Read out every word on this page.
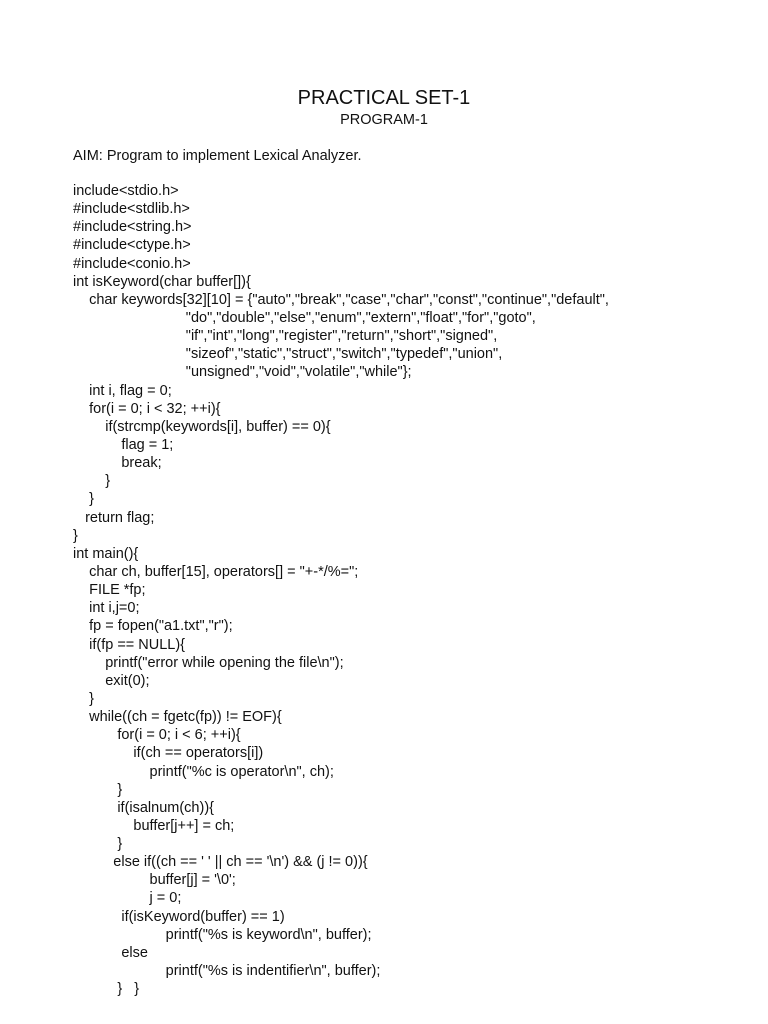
PRACTICAL SET-1
PROGRAM-1
AIM: Program to implement Lexical Analyzer.
include<stdio.h>
#include<stdlib.h>
#include<string.h>
#include<ctype.h>
#include<conio.h>
int isKeyword(char buffer[]){
char keywords[32][10] = {"auto","break","case","char","const","continue","default",
"do","double","else","enum","extern","float","for","goto",
"if","int","long","register","return","short","signed",
"sizeof","static","struct","switch","typedef","union",
"unsigned","void","volatile","while"};
int i, flag = 0;
for(i = 0; i < 32; ++i){
if(strcmp(keywords[i], buffer) == 0){
flag = 1;
break;
}
}
return flag;
}
int main(){
char ch, buffer[15], operators[] = "+-*/%=";
FILE *fp;
int i,j=0;
fp = fopen("a1.txt","r");
if(fp == NULL){
printf("error while opening the file\n");
exit(0);
}
while((ch = fgetc(fp)) != EOF){
for(i = 0; i < 6; ++i){
if(ch == operators[i])
printf("%c is operator\n", ch);
}
if(isalnum(ch)){
buffer[j++] = ch;
}
else if((ch == ' ' || ch == '\n') && (j != 0)){
buffer[j] = '\0';
j = 0;
if(isKeyword(buffer) == 1)
printf("%s is keyword\n", buffer);
else
printf("%s is indentifier\n", buffer);
}   }
